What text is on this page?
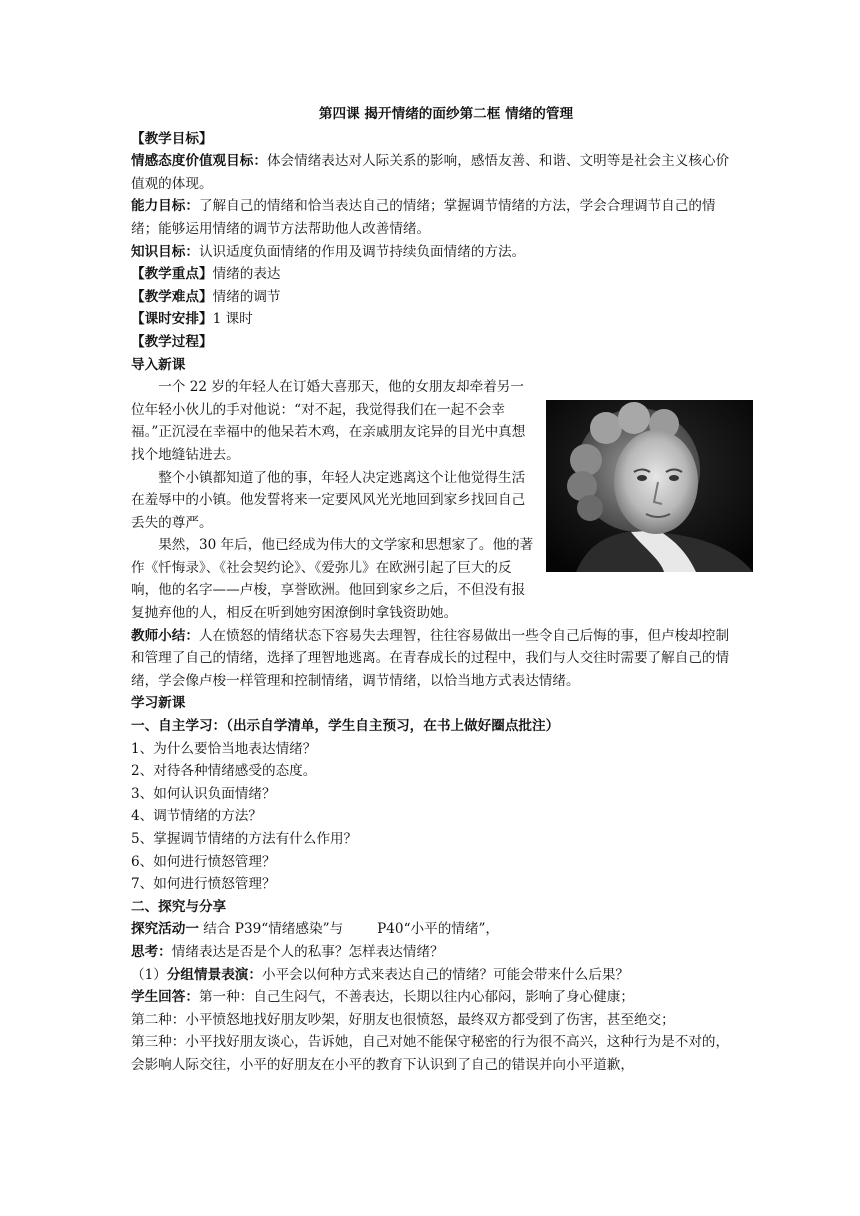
第四课 揭开情绪的面纱第二框 情绪的管理

【教学目标】

情感态度价值观目标：体会情绪表达对人际关系的影响，感悟友善、和谐、文明等是社会主义核心价值观的体现。

能力目标：了解自己的情绪和恰当表达自己的情绪；掌握调节情绪的方法，学会合理调节自己的情绪；能够运用情绪的调节方法帮助他人改善情绪。

知识目标：认识适度负面情绪的作用及调节持续负面情绪的方法。

【教学重点】情绪的表达

【教学难点】情绪的调节

【课时安排】1 课时

【教学过程】

导入新课

一个 22 岁的年轻人在订婚大喜那天，他的女朋友却牵着另一位年轻小伙儿的手对他说：“对不起，我觉得我们在一起不会幸福。”正沉浸在幸福中的他呆若木鸡，在亲戚朋友诧异的目光中真想找个地缝钻进去。

整个小镇都知道了他的事，年轻人决定逃离这个让他觉得生活在羞辱中的小镇。他发誓将来一定要风风光光地回到家乡找回自己丢失的尊严。

果然，30 年后，他已经成为伟大的文学家和思想家了。他的著作《忏悔录》、《社会契约论》、《爱弥儿》在欧洲引起了巨大的反响，他的名字——卢梭，享誉欧洲。他回到家乡之后，不但没有报复抛弃他的人，相反在听到她穷困潦倒时拿钱资助她。

教师小结：人在愤怒的情绪状态下容易失去理智，往往容易做出一些令自己后悔的事，但卢梭却控制和管理了自己的情绪，选择了理智地逃离。在青春成长的过程中，我们与人交往时需要了解自己的情绪，学会像卢梭一样管理和控制情绪，调节情绪，以恰当地方式表达情绪。

学习新课

一、自主学习：（出示自学清单，学生自主预习，在书上做好圈点批注）

1、为什么要恰当地表达情绪？

2、对待各种情绪感受的态度。

3、如何认识负面情绪？

4、调节情绪的方法？

5、掌握调节情绪的方法有什么作用？

6、如何进行愤怒管理？

7、如何进行愤怒管理？

二、探究与分享

探究活动一 结合 P39“情绪感染”与	P40“小平的情绪”，

思考：情绪表达是否是个人的私事？怎样表达情绪？

（1）分组情景表演：小平会以何种方式来表达自己的情绪？可能会带来什么后果？

学生回答：第一种：自己生闷气，不善表达，长期以往内心郁闷，影响了身心健康；

第二种：小平愤怒地找好朋友吵架，好朋友也很愤怒，最终双方都受到了伤害，甚至绝交；

第三种：小平找好朋友谈心，告诉她，自己对她不能保守秘密的行为很不高兴，这种行为是不对的，会影响人际交往，小平的好朋友在小平的教育下认识到了自己的错误并向小平道歉，
